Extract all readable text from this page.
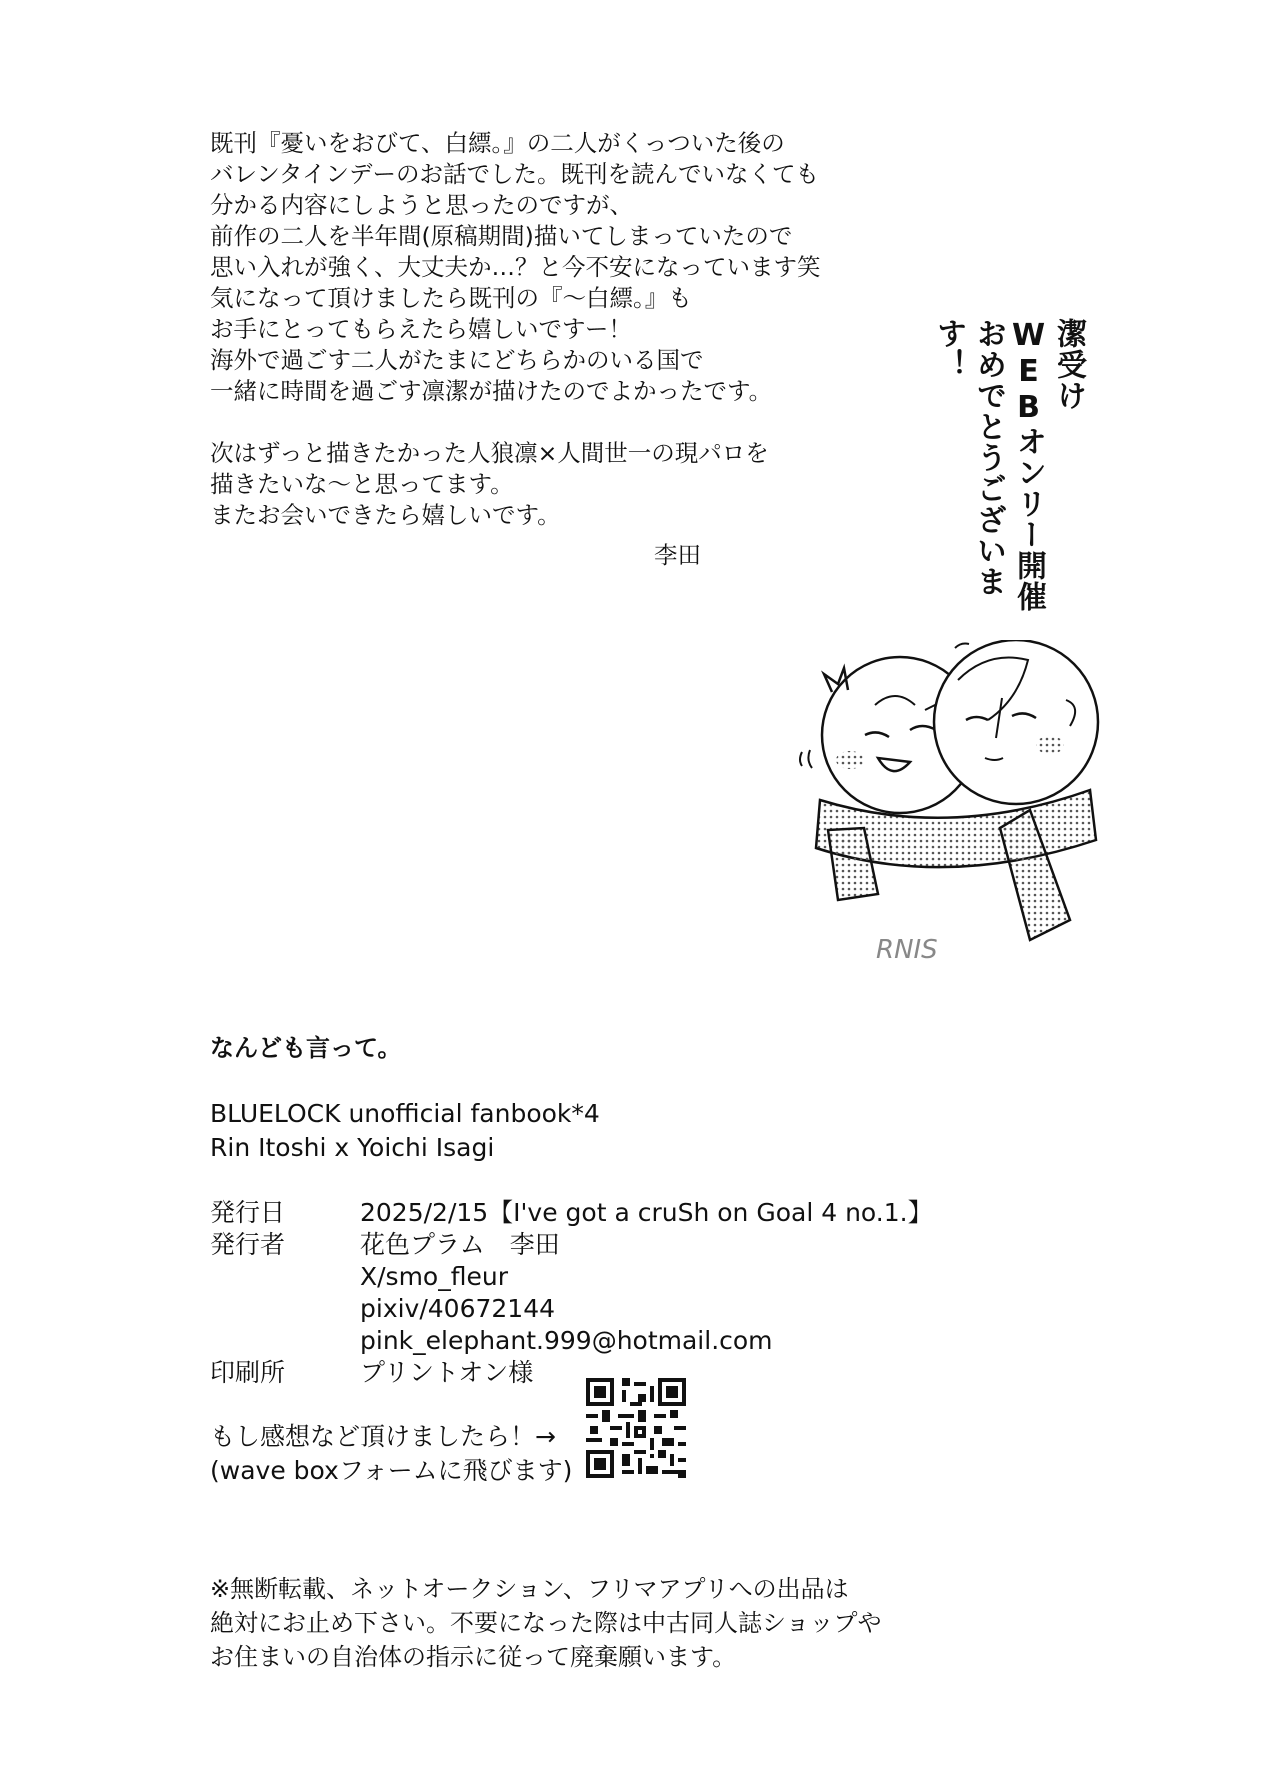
既刊『憂いをおびて、白縹。』の二人がくっついた後の
バレンタインデーのお話でした。既刊を読んでいなくても
分かる内容にしようと思ったのですが、
前作の二人を半年間(原稿期間)描いてしまっていたので
思い入れが強く、大丈夫か…？と今不安になっています笑
気になって頂けましたら既刊の『〜白縹。』も
お手にとってもらえたら嬉しいですー！
海外で過ごす二人がたまにどちらかのいる国で
一緒に時間を過ごす凛潔が描けたのでよかったです。

次はずっと描きたかった人狼凛×人間世一の現パロを
描きたいな〜と思ってます。
またお会いできたら嬉しいです。

李田
潔受け
WEBオンリー開催
おめでとうございます！
RNIS
なんども言って。
BLUELOCK unofficial fanbook*4
Rin Itoshi x Yoichi Isagi
発行日	2025/2/15【I've got a cruSh on Goal 4 no.1.】
発行者	花色プラム　李田
	X/smo_fleur
	pixiv/40672144
	pink_elephant.999@hotmail.com
印刷所	プリントオン様
もし感想など頂けましたら！→
(wave boxフォームに飛びます)
※無断転載、ネットオークション、フリマアプリへの出品は
絶対にお止め下さい。不要になった際は中古同人誌ショップや
お住まいの自治体の指示に従って廃棄願います。
